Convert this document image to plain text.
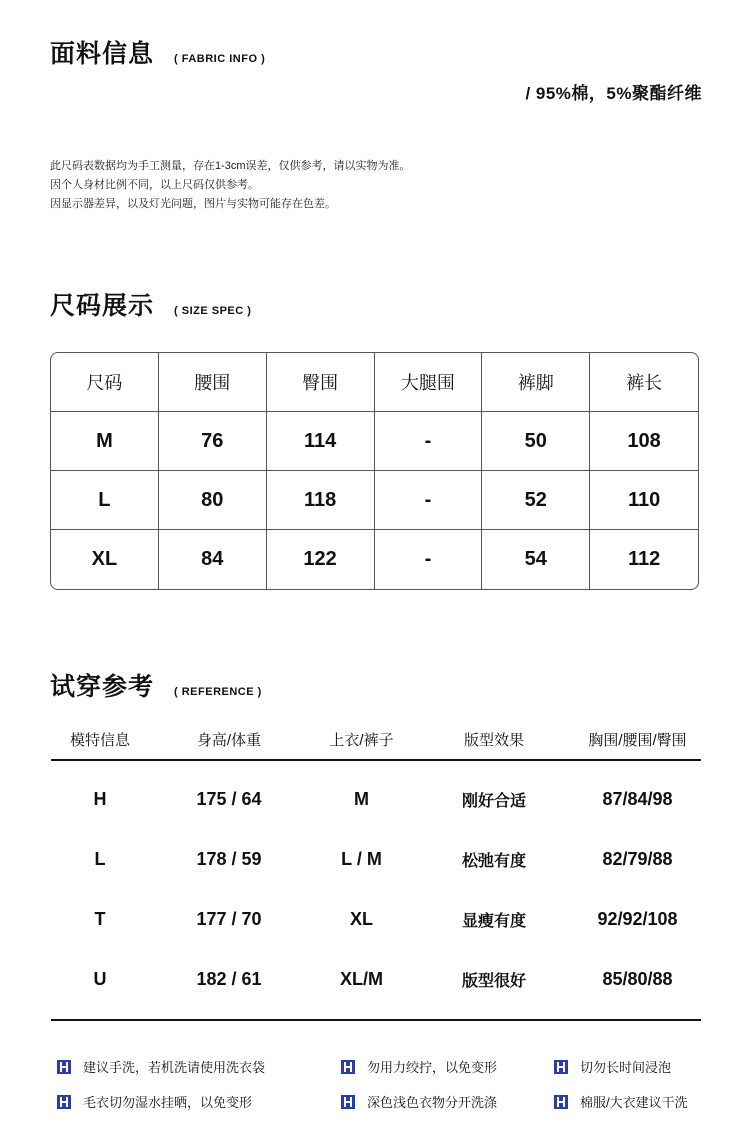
面料信息 ( FABRIC INFO )
/ 95%棉，5%聚酯纤维
此尺码表数据均为手工测量，存在1-3cm误差，仅供参考，请以实物为准。
因个人身材比例不同，以上尺码仅供参考。
因显示器差异，以及灯光问题，图片与实物可能存在色差。
尺码展示 ( SIZE SPEC )
尺码	腰围	臀围	大腿围	裤脚	裤长
M	76	114	-	50	108
L	80	118	-	52	110
XL	84	122	-	54	112
试穿参考 ( REFERENCE )
模特信息	身高/体重	上衣/裤子	版型效果	胸围/腰围/臀围
H	175 / 64	M	刚好合适	87/84/98
L	178 / 59	L / M	松弛有度	82/79/88
T	177 / 70	XL	显瘦有度	92/92/108
U	182 / 61	XL/M	版型很好	85/80/88
建议手洗，若机洗请使用洗衣袋	勿用力绞拧，以免变形	切勿长时间浸泡
毛衣切勿湿水挂晒，以免变形	深色浅色衣物分开洗涤	棉服/大衣建议干洗
